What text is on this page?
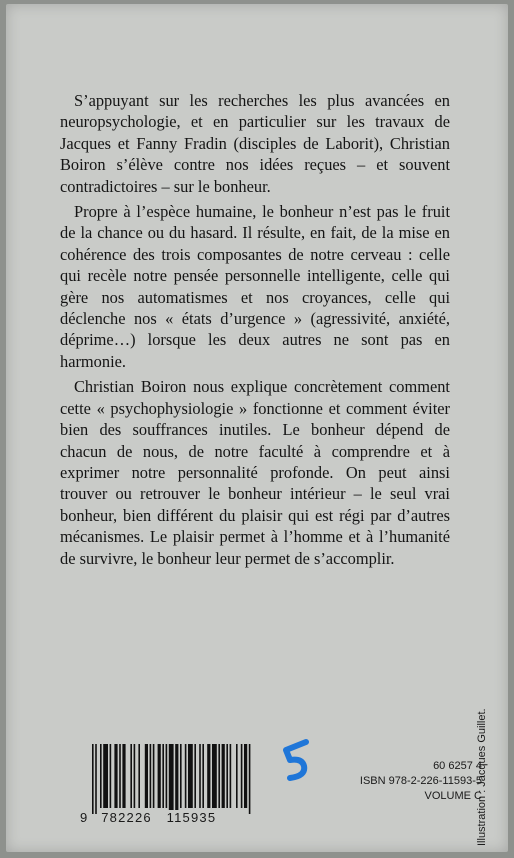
S’appuyant sur les recherches les plus avancées en neuropsychologie, et en particulier sur les travaux de Jacques et Fanny Fradin (disciples de Laborit), Christian Boiron s’élève contre nos idées reçues – et souvent contradictoires – sur le bonheur.

Propre à l’espèce humaine, le bonheur n’est pas le fruit de la chance ou du hasard. Il résulte, en fait, de la mise en cohérence des trois composantes de notre cerveau : celle qui recèle notre pensée personnelle intelligente, celle qui gère nos automatismes et nos croyances, celle qui déclenche nos « états d’urgence » (agressivité, anxiété, déprime…) lorsque les deux autres ne sont pas en harmonie.

Christian Boiron nous explique concrètement comment cette « psychophysiologie » fonctionne et comment éviter bien des souffrances inutiles. Le bonheur dépend de chacun de nous, de notre faculté à comprendre et à exprimer notre personnalité profonde. On peut ainsi trouver ou retrouver le bonheur intérieur – le seul vrai bonheur, bien différent du plaisir qui est régi par d’autres mécanismes. Le plaisir permet à l’homme et à l’humanité de survivre, le bonheur leur permet de s’accomplir.

Illustration : Jacques Guillet.
5
60 6257 4
ISBN 978-2-226-11593-5
VOLUME C
9 782226 115935
